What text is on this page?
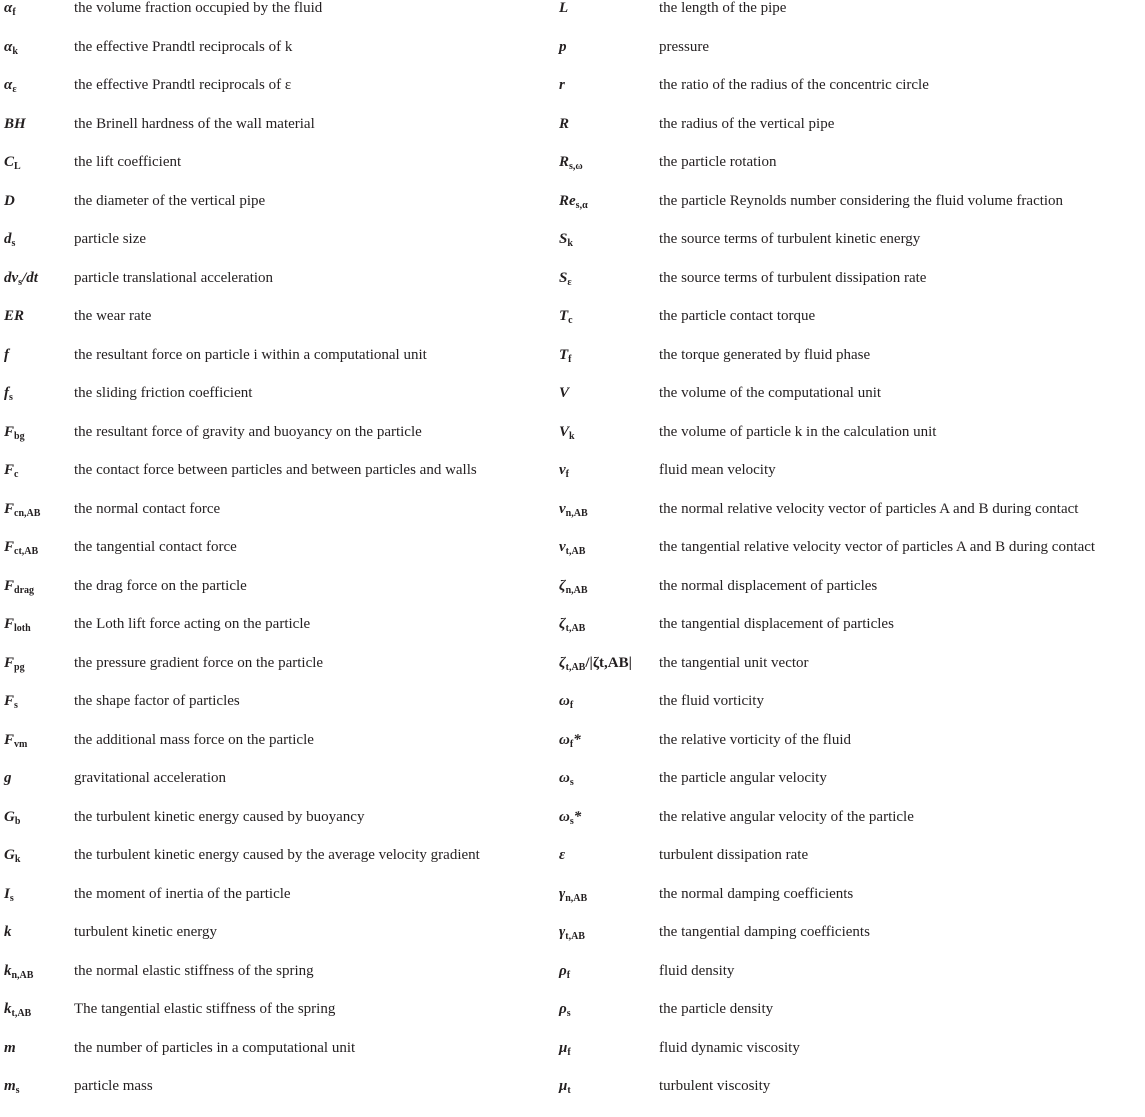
$\alpha_f$	the volume fraction occupied by the fluid
$\alpha_k$	the effective Prandtl reciprocals of k
$\alpha_\varepsilon$	the effective Prandtl reciprocals of ε
BH	the Brinell hardness of the wall material
$C_L$	the lift coefficient
D	the diameter of the vertical pipe
$d_s$	particle size
$dv_s/dt$ particle translational acceleration
ER	the wear rate
f	the resultant force on particle i within a computational unit
$f_s$	the sliding friction coefficient
$F_{bg}$	the resultant force of gravity and buoyancy on the particle
$F_c$	the contact force between particles and between particles and walls
$F_{cn,AB}$ the normal contact force
$F_{ct,AB}$ the tangential contact force
$F_{drag}$	the drag force on the particle
$F_{loth}$	the Loth lift force acting on the particle
$F_{pg}$	the pressure gradient force on the particle
$F_s$	the shape factor of particles
$F_{vm}$	the additional mass force on the particle
g	gravitational acceleration
$G_b$	the turbulent kinetic energy caused by buoyancy
$G_k$	the turbulent kinetic energy caused by the average velocity gradient
$I_s$	the moment of inertia of the particle
k	turbulent kinetic energy
$k_{n,AB}$	the normal elastic stiffness of the spring
$k_{t,AB}$	The tangential elastic stiffness of the spring
m	the number of particles in a computational unit
$m_s$	particle mass
L	the length of the pipe
p	pressure
r	the ratio of the radius of the concentric circle
R	the radius of the vertical pipe
$R_{s,\omega}$	the particle rotation
$Re_{s,\alpha}$	the particle Reynolds number considering the fluid volume fraction
$S_k$	the source terms of turbulent kinetic energy
$S_\varepsilon$	the source terms of turbulent dissipation rate
$T_c$	the particle contact torque
$T_f$	the torque generated by fluid phase
V	the volume of the computational unit
$V_k$	the volume of particle k in the calculation unit
$v_f$	fluid mean velocity
$v_{n,AB}$	the normal relative velocity vector of particles A and B during contact
$v_{t,AB}$	the tangential relative velocity vector of particles A and B during contact
$\zeta_{n,AB}$	the normal displacement of particles
$\zeta_{t,AB}$	the tangential displacement of particles
$\zeta_{t,AB}/|\zeta t,AB|$ the tangential unit vector
$\omega_f$	the fluid vorticity
$\omega_f*$	the relative vorticity of the fluid
$\omega_s$	the particle angular velocity
$\omega_s*$	the relative angular velocity of the particle
ε	turbulent dissipation rate
$\gamma_{n,AB}$	the normal damping coefficients
$\gamma_{t,AB}$	the tangential damping coefficients
$\rho_f$	fluid density
$\rho_s$	the particle density
$\mu_f$	fluid dynamic viscosity
$\mu_t$	turbulent viscosity
